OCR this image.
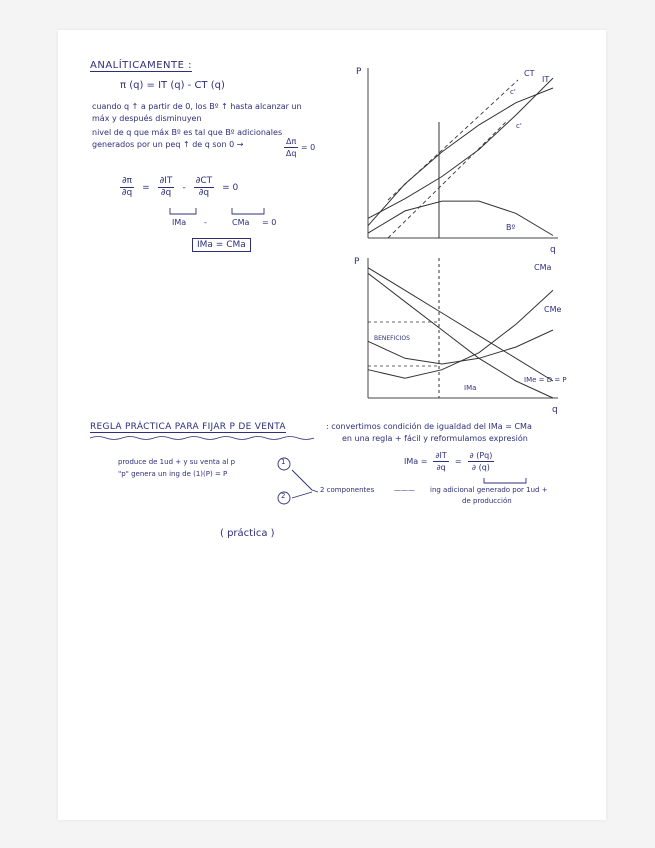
ANALÍTICAMENTE :
π (q) = IT (q) - CT (q)
cuando q ↑ a partir de 0, los Bº ↑ hasta alcanzar un
máx y después disminuyen
nivel de q que máx Bº es tal que Bº adicionales
generados por un peq ↑ de q son 0 →	$\frac{\Delta\pi}{\Delta q} = 0$
$\frac{\partial\pi}{\partial q} = \frac{\partial IT}{\partial q} - \frac{\partial CT}{\partial q} = 0$
IMa -	CMa = 0
IMa = CMa
P
q
CT
IT
Bº
c'
c'
P
q
CMa
CMe
IMa
IMe = D = P
BENEFICIOS
REGLA PRÁCTICA PARA FIJAR P DE VENTA	: convertimos condición de igualdad del IMa = CMa
en una regla + fácil y reformulamos expresión
produce de 1ud + y su venta al p
"p" genera un ing de (1)(P) = P
1
2
2 componentes	——— ing adicional generado por 1ud +
de producción
IMa = $\frac{\partial IT}{\partial q} = \frac{\partial (Pq)}{\partial (q)}$
( práctica )
